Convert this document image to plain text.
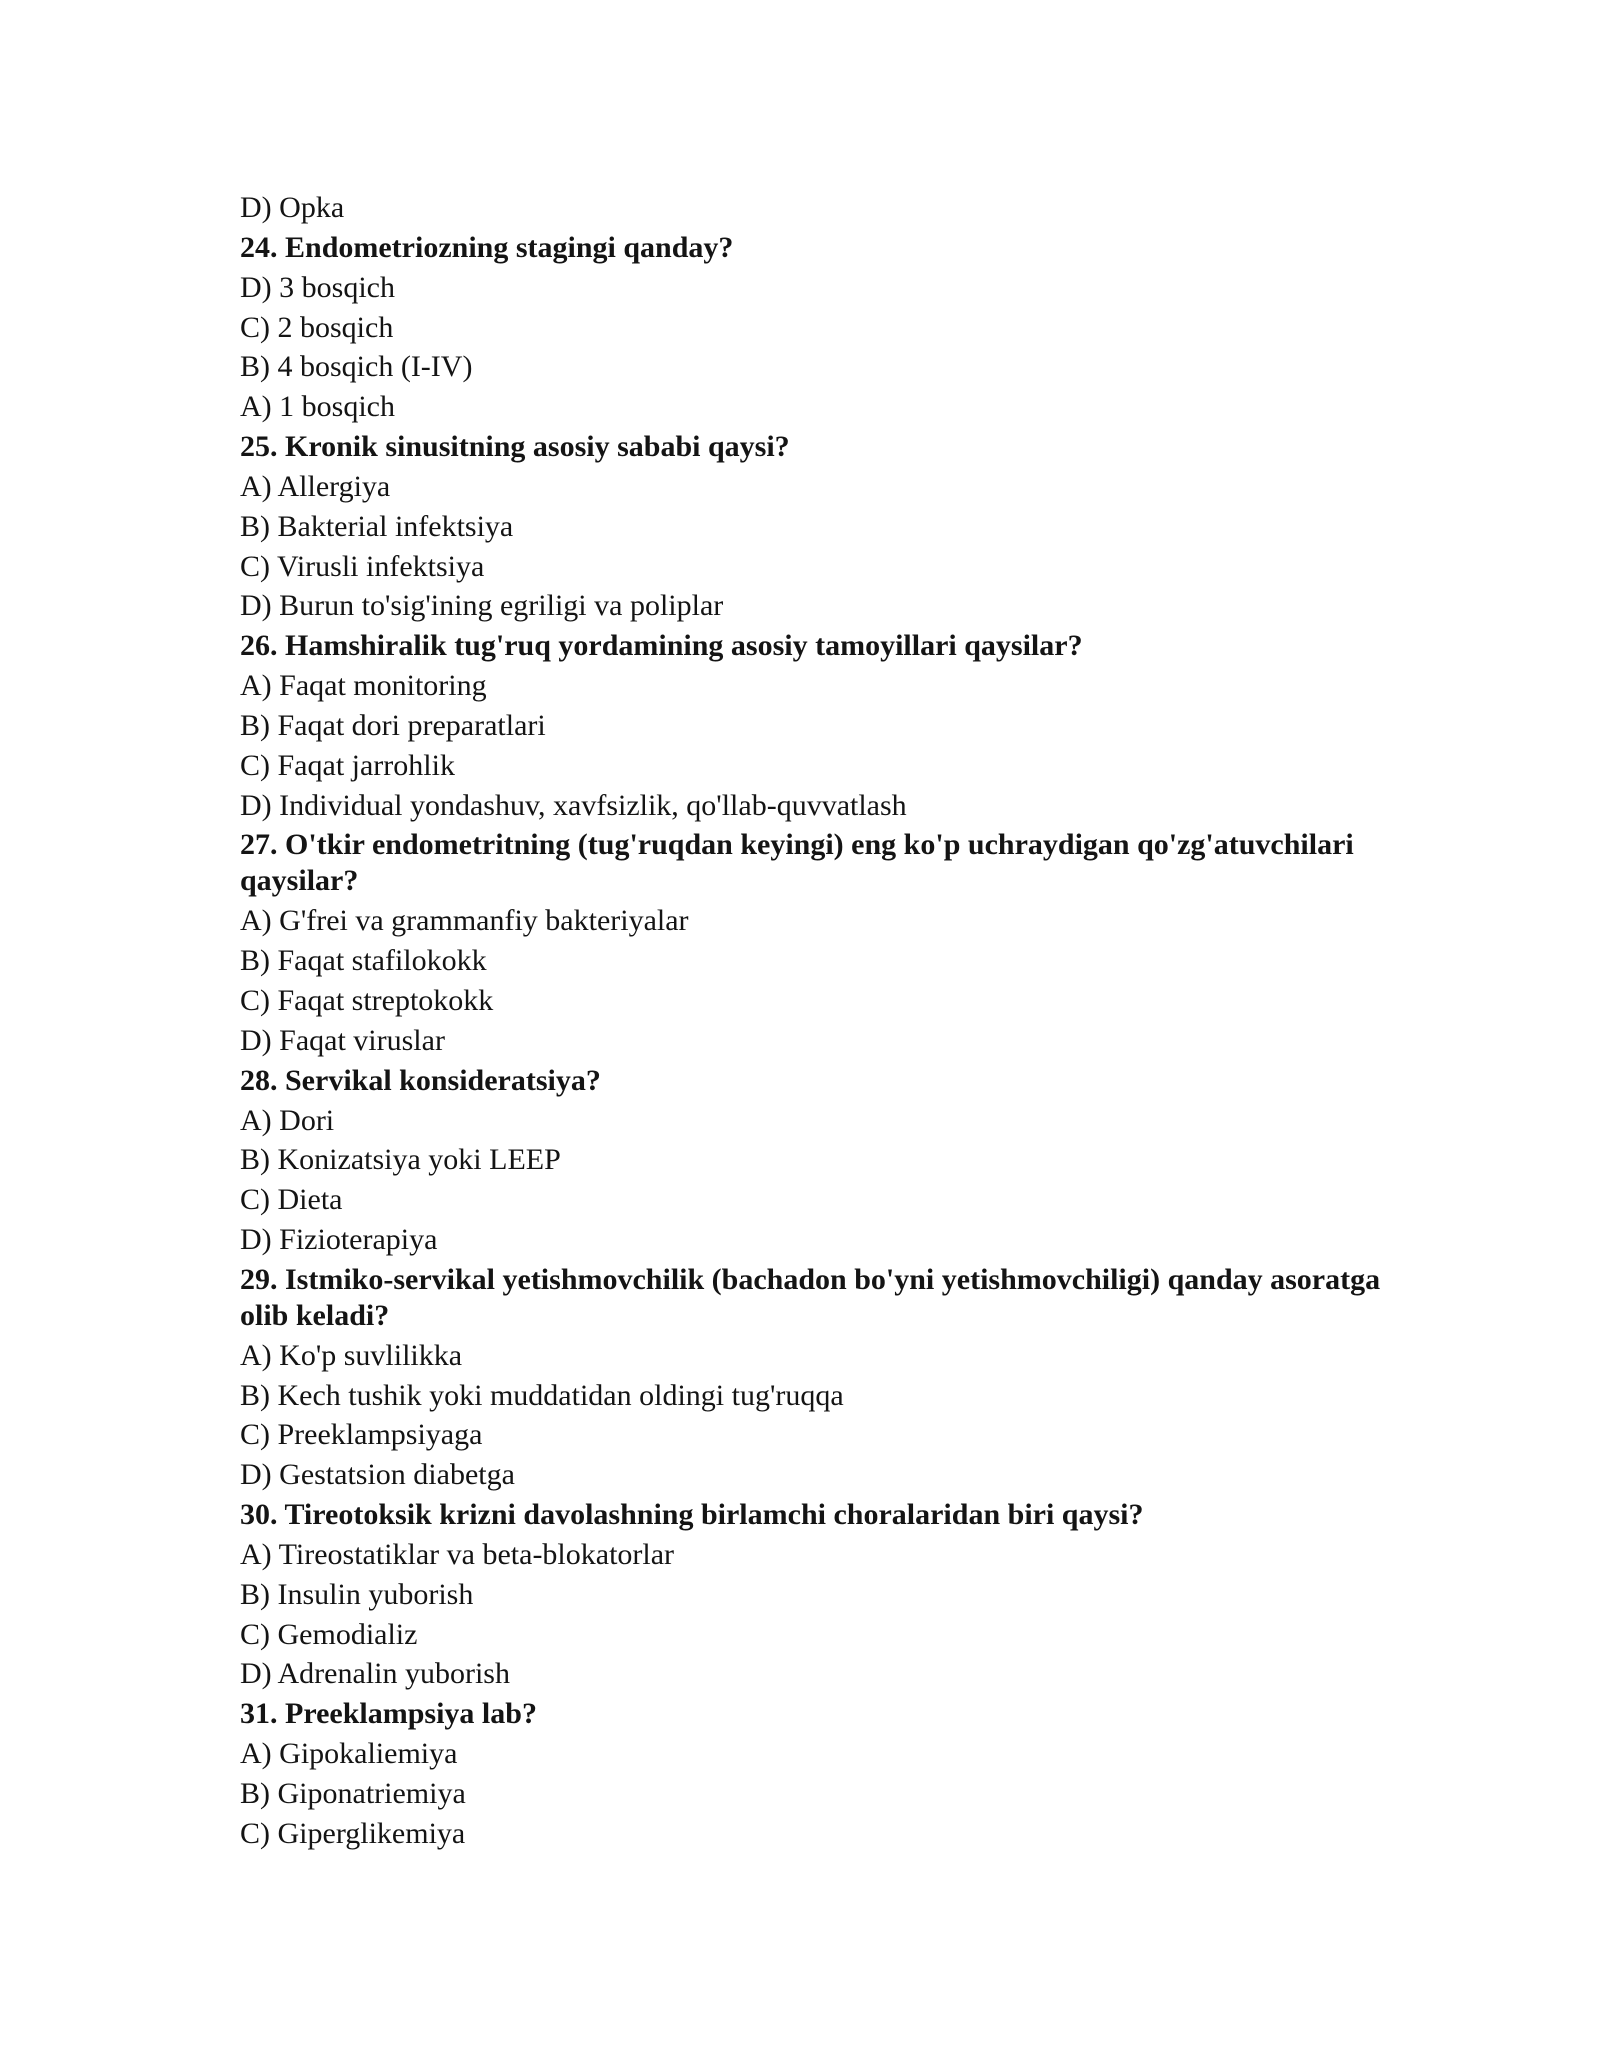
D) Opka

24. Endometriozning stagingi qanday?

D) 3 bosqich

C) 2 bosqich

B) 4 bosqich (I-IV)

A) 1 bosqich

25. Kronik sinusitning asosiy sababi qaysi?

A) Allergiya

B) Bakterial infektsiya

C) Virusli infektsiya

D) Burun to'sig'ining egriligi va poliplar

26. Hamshiralik tug'ruq yordamining asosiy tamoyillari qaysilar?

A) Faqat monitoring

B) Faqat dori preparatlari

C) Faqat jarrohlik

D) Individual yondashuv, xavfsizlik, qo'llab-quvvatlash

27. O'tkir endometritning (tug'ruqdan keyingi) eng ko'p uchraydigan qo'zg'atuvchilari qaysilar?

A) G'frei va grammanfiy bakteriyalar

B) Faqat stafilokokk

C) Faqat streptokokk

D) Faqat viruslar

28. Servikal konsideratsiya?

A) Dori

B) Konizatsiya yoki LEEP

C) Dieta

D) Fizioterapiya

29. Istmiko-servikal yetishmovchilik (bachadon bo'yni yetishmovchiligi) qanday asoratga olib keladi?

A) Ko'p suvlilikka

B) Kech tushik yoki muddatidan oldingi tug'ruqqa

C) Preeklampsiyaga

D) Gestatsion diabetga

30. Tireotoksik krizni davolashning birlamchi choralaridan biri qaysi?

A) Tireostatiklar va beta-blokatorlar

B) Insulin yuborish

C) Gemodializ

D) Adrenalin yuborish

31. Preeklampsiya lab?

A) Gipokaliemiya

B) Giponatriemiya

C) Giperglikemiya
